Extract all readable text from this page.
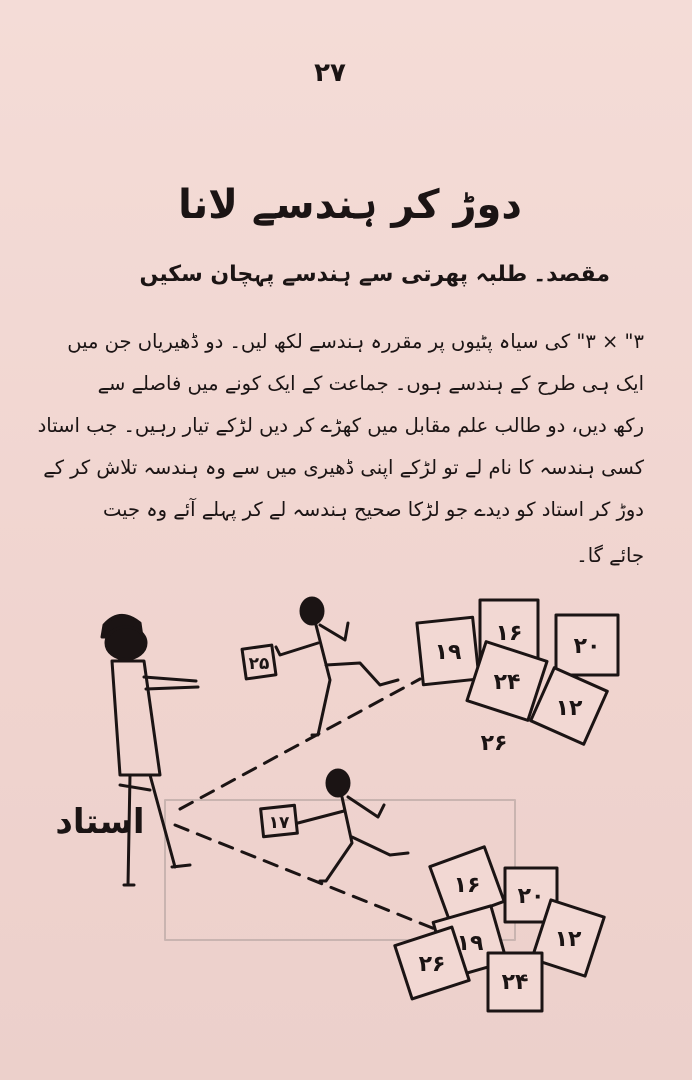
۲۷
دوڑ کر ہندسے لانا
مقصد۔طلبہ پھرتی سے ہندسے پہچان سکیں
۳" × ۳" کی سیاہ پٹیوں پر مقررہ ہندسے لکھ لیں۔ دو ڈھیریاں جن میں
ایک ہی طرح کے ہندسے ہوں۔ جماعت کے ایک کونے میں فاصلے سے
رکھ دیں، دو طالب علم مقابل میں کھڑے کر دیں لڑکے تیار رہیں۔ جب استاد
کسی ہندسہ کا نام لے تو لڑکے اپنی ڈھیری میں سے وہ ہندسہ تلاش کر کے
دوڑ کر استاد کو دیدے جو لڑکا صحیح ہندسہ لے کر پہلے آئے وہ جیت
جائے گا۔
استاد
۲۵
۱۷
۱۹
۱۶
۲۰
۲۴
۱۲
۲۶
۱۶ ۲۰
۱۹	۱۲
۲۴
۲۶
